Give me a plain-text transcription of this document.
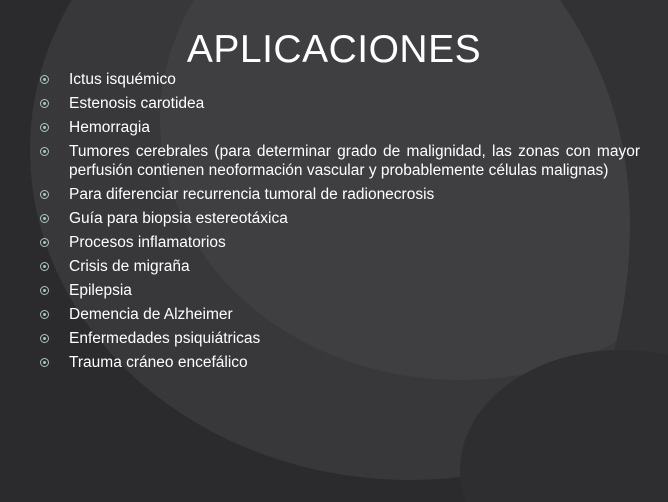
APLICACIONES
Ictus isquémico
Estenosis carotidea
Hemorragia
Tumores cerebrales (para determinar grado de malignidad, las zonas con mayor perfusión contienen neoformación vascular y probablemente células malignas)
Para diferenciar recurrencia tumoral de radionecrosis
Guía para biopsia estereotáxica
Procesos inflamatorios
Crisis de migraña
Epilepsia
Demencia de Alzheimer
Enfermedades psiquiátricas
Trauma cráneo encefálico
